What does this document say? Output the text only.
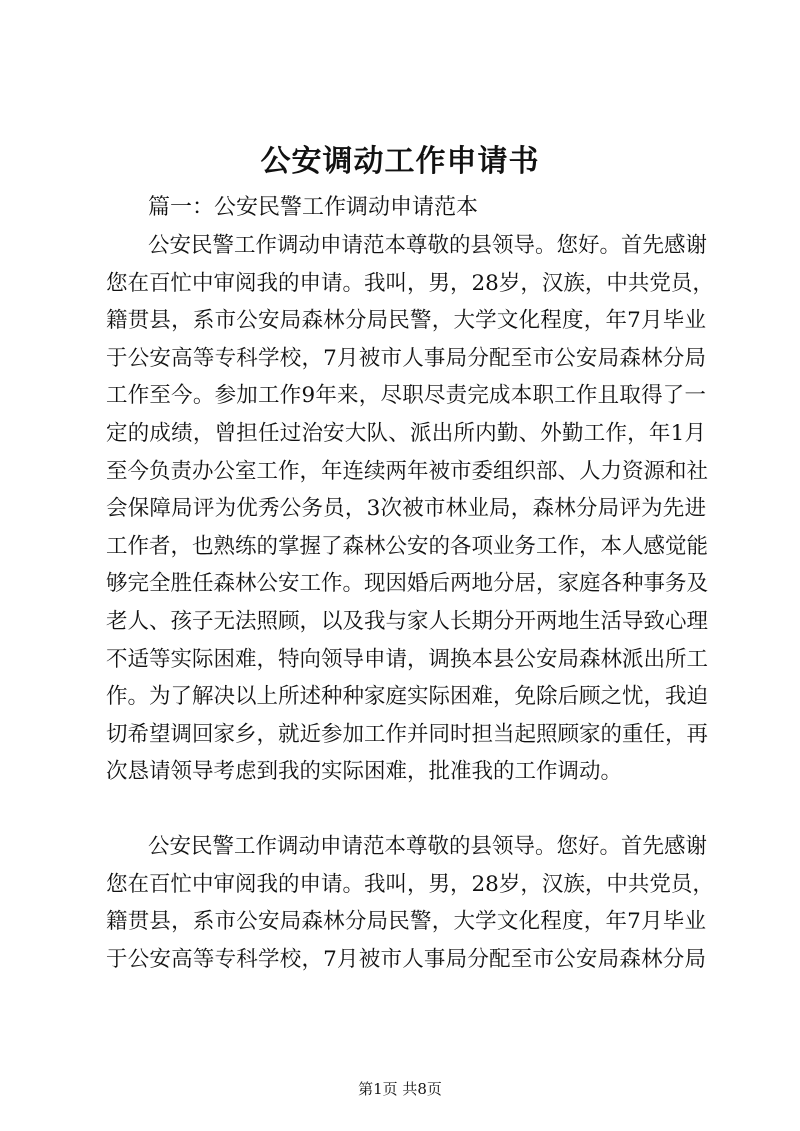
公安调动工作申请书

篇一：公安民警工作调动申请范本

公安民警工作调动申请范本尊敬的县领导。您好。首先感谢
您在百忙中审阅我的申请。我叫，男，28岁，汉族，中共党员，
籍贯县，系市公安局森林分局民警，大学文化程度，年7月毕业
于公安高等专科学校，7月被市人事局分配至市公安局森林分局
工作至今。参加工作9年来，尽职尽责完成本职工作且取得了一
定的成绩，曾担任过治安大队、派出所内勤、外勤工作，年1月
至今负责办公室工作，年连续两年被市委组织部、人力资源和社
会保障局评为优秀公务员，3次被市林业局，森林分局评为先进
工作者，也熟练的掌握了森林公安的各项业务工作，本人感觉能
够完全胜任森林公安工作。现因婚后两地分居，家庭各种事务及
老人、孩子无法照顾，以及我与家人长期分开两地生活导致心理
不适等实际困难，特向领导申请，调换本县公安局森林派出所工
作。为了解决以上所述种种家庭实际困难，免除后顾之忧，我迫
切希望调回家乡，就近参加工作并同时担当起照顾家的重任，再
次恳请领导考虑到我的实际困难，批准我的工作调动。
公安民警工作调动申请范本尊敬的县领导。您好。首先感谢
您在百忙中审阅我的申请。我叫，男，28岁，汉族，中共党员，
籍贯县，系市公安局森林分局民警，大学文化程度，年7月毕业
于公安高等专科学校，7月被市人事局分配至市公安局森林分局

第1页 共8页
